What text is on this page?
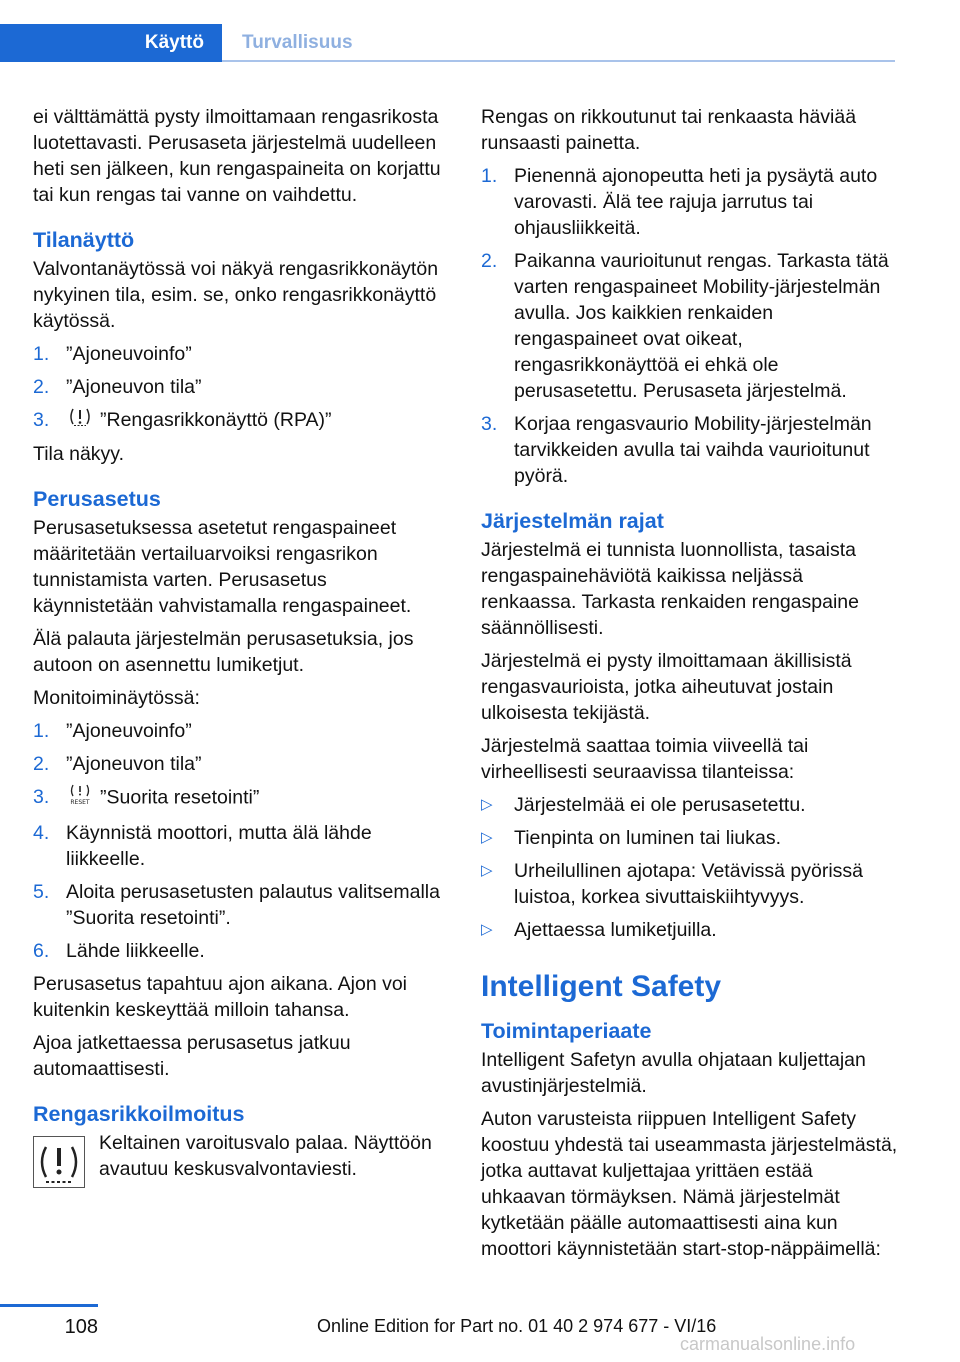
Käyttö	Turvallisuus

ei välttämättä pysty ilmoittamaan rengasrikosta luotettavasti. Perusaseta järjestelmä uudelleen heti sen jälkeen, kun rengaspaineita on korjattu tai kun rengas tai vanne on vaihdettu.

Tilanäyttö

Valvontanäytössä voi näkyä rengasrikkonäytön nykyinen tila, esim. se, onko rengasrikkonäyttö käytössä.

1. ”Ajoneuvoinfo”
2. ”Ajoneuvon tila”
3.	”Rengasrikkonäyttö (RPA)”

Tila näkyy.

Perusasetus

Perusasetuksessa asetetut rengaspaineet määritetään vertailuarvoiksi rengasrikon tunnistamista varten. Perusasetus käynnistetään vahvistamalla rengaspaineet.

Älä palauta järjestelmän perusasetuksia, jos autoon on asennettu lumiketjut.

Monitoiminäytössä:

1. ”Ajoneuvoinfo”
2. ”Ajoneuvon tila”
3.	RESET ”Suorita resetointi”
4. Käynnistä moottori, mutta älä lähde liikkeelle.
5. Aloita perusasetusten palautus valitsemalla ”Suorita resetointi”.
6. Lähde liikkeelle.

Perusasetus tapahtuu ajon aikana. Ajon voi kuitenkin keskeyttää milloin tahansa.

Ajoa jatkettaessa perusasetus jatkuu automaattisesti.

Rengasrikkoilmoitus
Keltainen varoitusvalo palaa. Näyttöön avautuu keskusvalvontaviesti.

Rengas on rikkoutunut tai renkaasta häviää runsaasti painetta.

1. Pienennä ajonopeutta heti ja pysäytä auto varovasti. Älä tee rajuja jarrutus tai ohjausliikkeitä.
2. Paikanna vaurioitunut rengas. Tarkasta tätä varten rengaspaineet Mobility-järjestelmän avulla. Jos kaikkien renkaiden rengaspaineet ovat oikeat, rengasrikkonäyttöä ei ehkä ole perusasetettu. Perusaseta järjestelmä.
3. Korjaa rengasvaurio Mobility-järjestelmän tarvikkeiden avulla tai vaihda vaurioitunut pyörä.
Järjestelmän rajat

Järjestelmä ei tunnista luonnollista, tasaista rengaspainehäviötä kaikissa neljässä renkaassa. Tarkasta renkaiden rengaspaine säännöllisesti.

Järjestelmä ei pysty ilmoittamaan äkillisistä rengasvaurioista, jotka aiheutuvat jostain ulkoisesta tekijästä.

Järjestelmä saattaa toimia viiveellä tai virheellisesti seuraavissa tilanteissa:

▷ Järjestelmää ei ole perusasetettu.
▷ Tienpinta on luminen tai liukas.
▷ Urheilullinen ajotapa: Vetävissä pyörissä luistoa, korkea sivuttaiskiihtyvyys.
▷ Ajettaessa lumiketjuilla.
Intelligent Safety
Toimintaperiaate

Intelligent Safetyn avulla ohjataan kuljettajan avustinjärjestelmiä.

Auton varusteista riippuen Intelligent Safety koostuu yhdestä tai useammasta järjestelmästä, jotka auttavat kuljettajaa yrittäen estää uhkaavan törmäyksen. Nämä järjestelmät kytketään päälle automaattisesti aina kun moottori käynnistetään start-stop-näppäimellä:

108	Online Edition for Part no. 01 40 2 974 677 - VI/16
carmanualsonline.info
